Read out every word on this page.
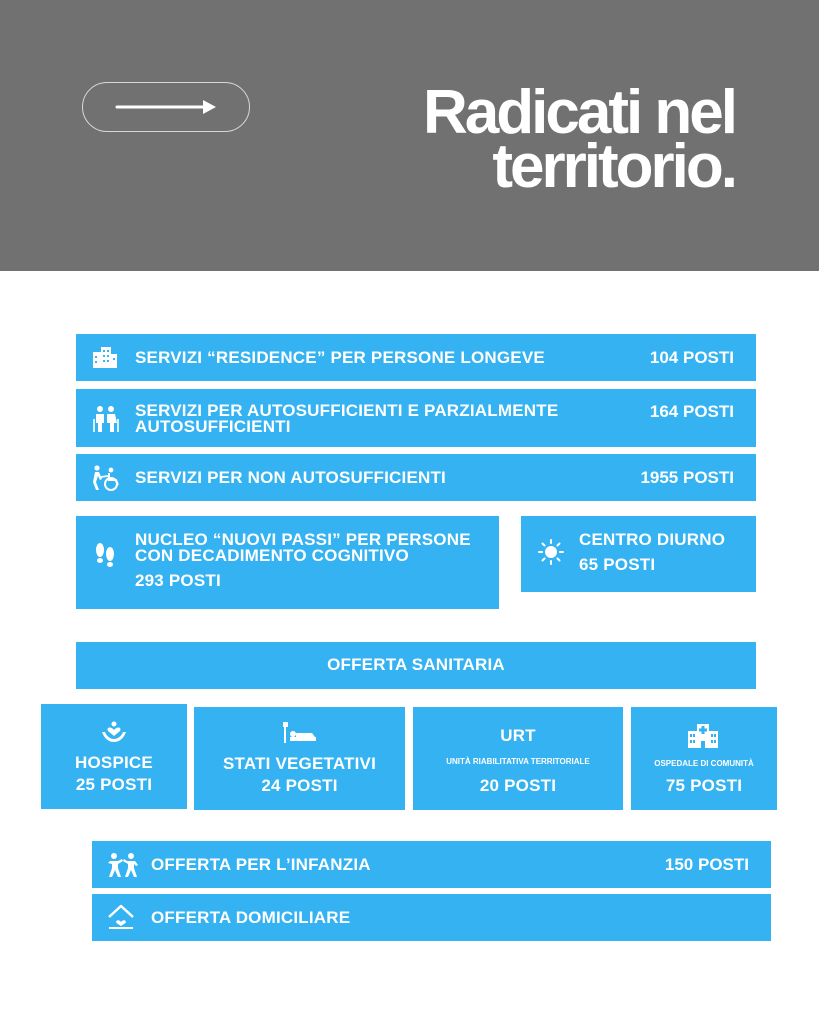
Radicati nel
territorio.
SERVIZI “RESIDENCE” PER PERSONE LONGEVE	104 POSTI
SERVIZI PER AUTOSUFFICIENTI E PARZIALMENTE
AUTOSUFFICIENTI
164 POSTI
SERVIZI PER NON AUTOSUFFICIENTI	1955 POSTI
NUCLEO “NUOVI PASSI” PER PERSONE
CON DECADIMENTO COGNITIVO
293 POSTI
CENTRO DIURNO
65 POSTI
OFFERTA SANITARIA
HOSPICE
25 POSTI
STATI VEGETATIVI
24 POSTI
URT
UNITÀ RIABILITATIVA TERRITORIALE
20 POSTI
OSPEDALE DI COMUNITÀ
75 POSTI
OFFERTA PER L’INFANZIA	150 POSTI
OFFERTA DOMICILIARE
